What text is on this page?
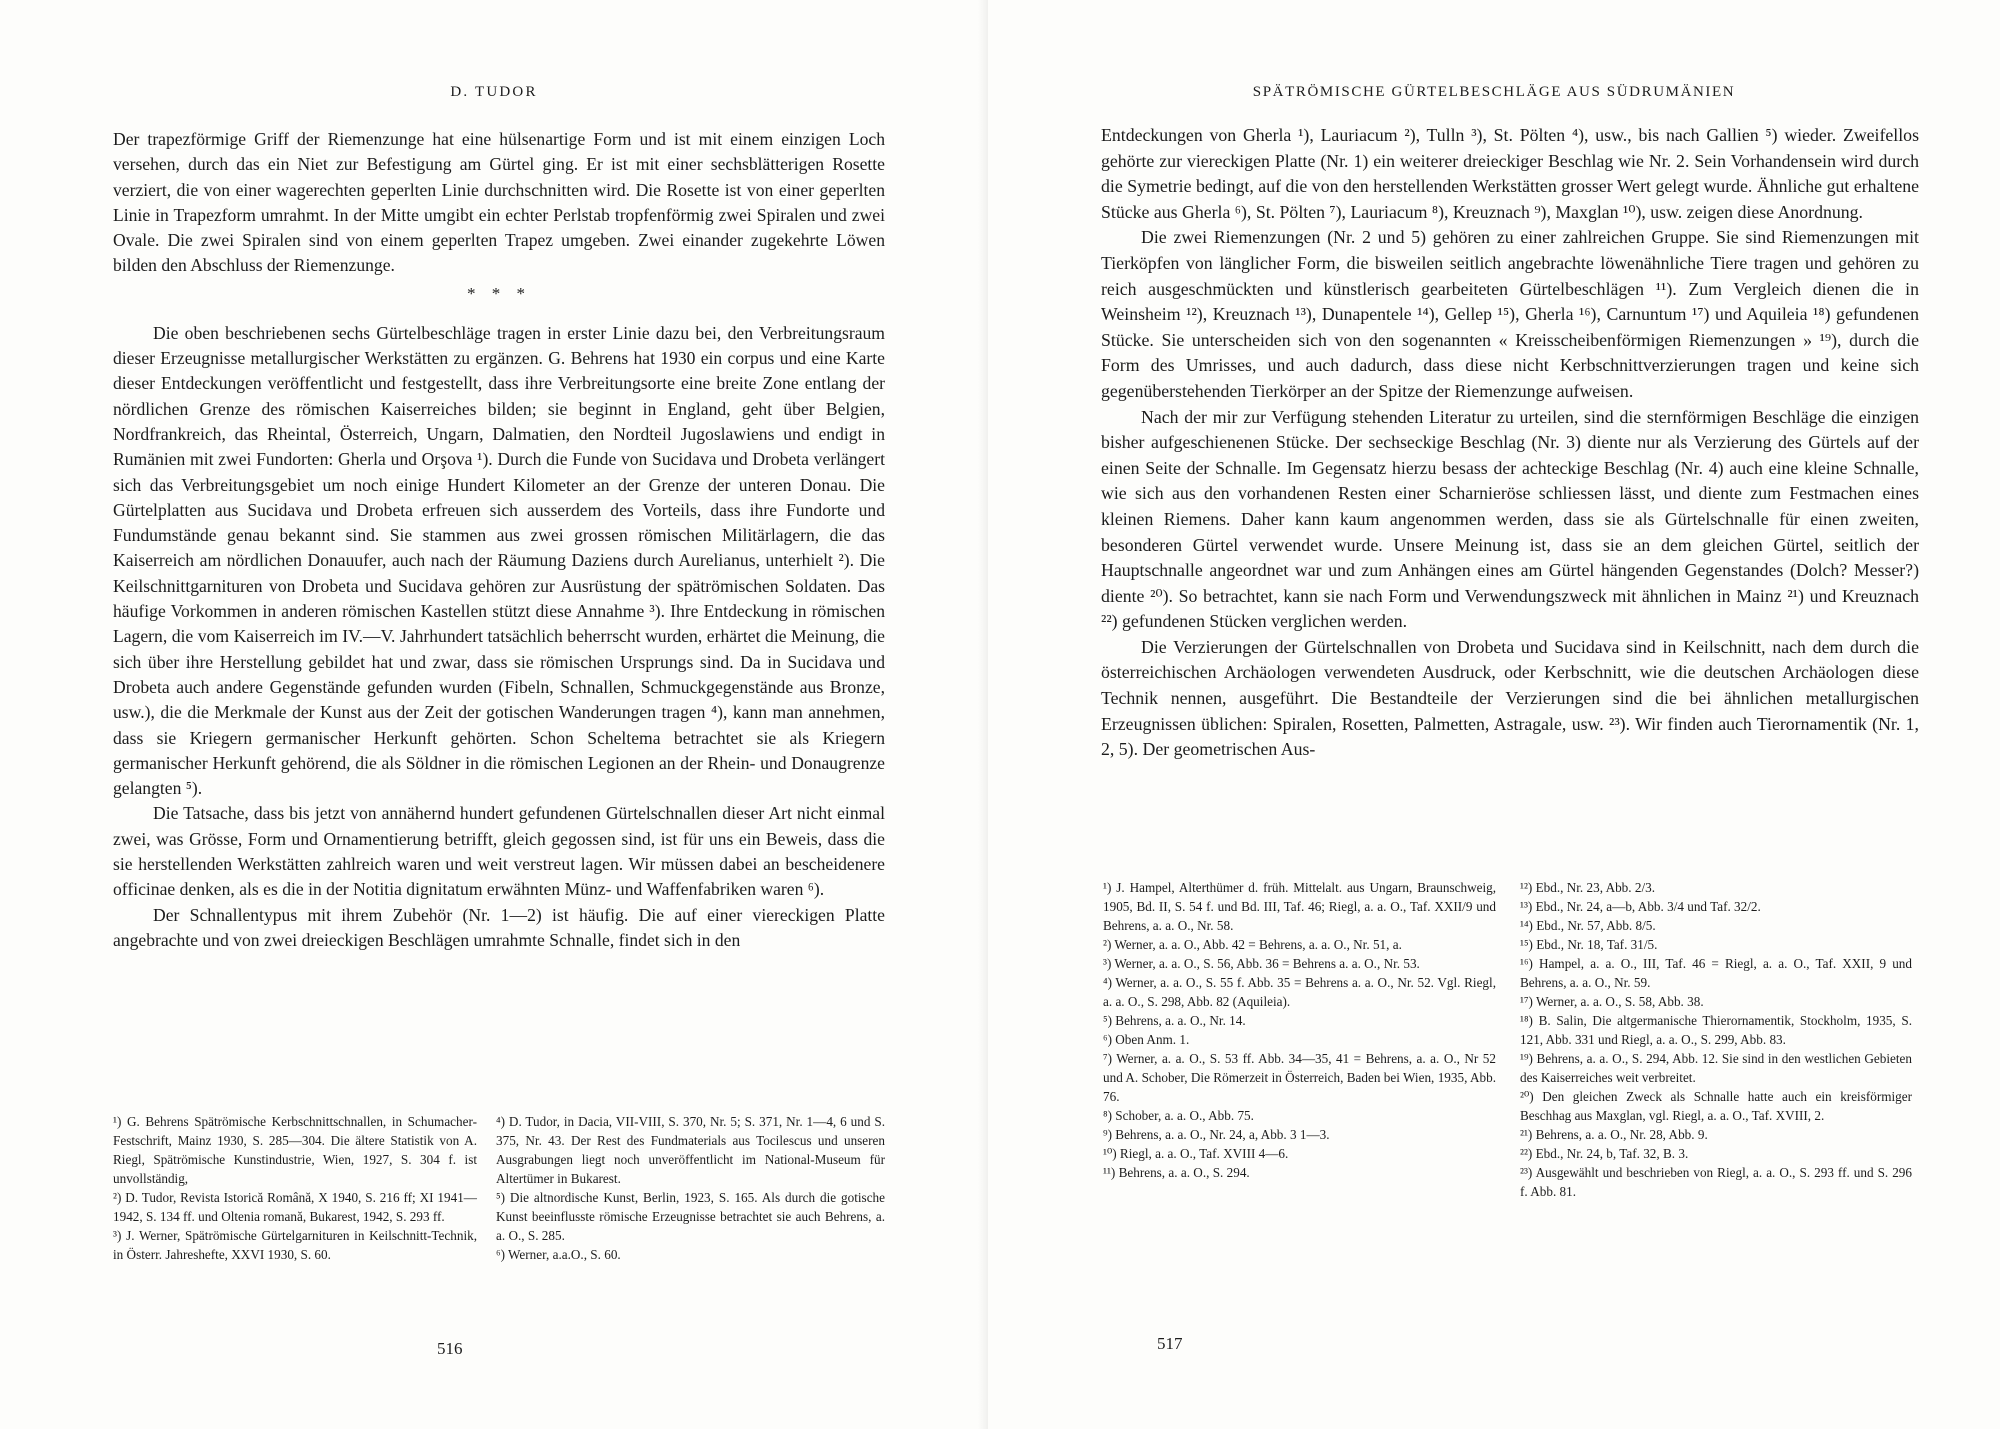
D. TUDOR

Der trapezförmige Griff der Riemenzunge hat eine hülsenartige Form und ist mit einem einzigen Loch versehen, durch das ein Niet zur Befestigung am Gürtel ging. Er ist mit einer sechsblätterigen Rosette verziert, die von einer wagerechten geperlten Linie durchschnitten wird. Die Rosette ist von einer geperlten Linie in Trapezform umrahmt. In der Mitte umgibt ein echter Perlstab tropfenförmig zwei Spiralen und zwei Ovale. Die zwei Spiralen sind von einem geperlten Trapez umgeben. Zwei einander zugekehrte Löwen bilden den Abschluss der Riemenzunge.

* * *

Die oben beschriebenen sechs Gürtelbeschläge tragen in erster Linie dazu bei, den Verbreitungsraum dieser Erzeugnisse metallurgischer Werkstätten zu ergänzen. G. Behrens hat 1930 ein corpus und eine Karte dieser Entdeckungen veröffentlicht und festgestellt, dass ihre Verbreitungsorte eine breite Zone entlang der nördlichen Grenze des römischen Kaiserreiches bilden; sie beginnt in England, geht über Belgien, Nordfrankreich, das Rheintal, Österreich, Ungarn, Dalmatien, den Nordteil Jugoslawiens und endigt in Rumänien mit zwei Fundorten: Gherla und Orşova ¹). Durch die Funde von Sucidava und Drobeta verlängert sich das Verbreitungsgebiet um noch einige Hundert Kilometer an der Grenze der unteren Donau. Die Gürtelplatten aus Sucidava und Drobeta erfreuen sich ausserdem des Vorteils, dass ihre Fundorte und Fundumstände genau bekannt sind. Sie stammen aus zwei grossen römischen Militärlagern, die das Kaiserreich am nördlichen Donauufer, auch nach der Räumung Daziens durch Aurelianus, unterhielt ²). Die Keilschnittgarnituren von Drobeta und Sucidava gehören zur Ausrüstung der spätrömischen Soldaten. Das häufige Vorkommen in anderen römischen Kastellen stützt diese Annahme ³). Ihre Entdeckung in römischen Lagern, die vom Kaiserreich im IV.—V. Jahrhundert tatsächlich beherrscht wurden, erhärtet die Meinung, die sich über ihre Herstellung gebildet hat und zwar, dass sie römischen Ursprungs sind. Da in Sucidava und Drobeta auch andere Gegenstände gefunden wurden (Fibeln, Schnallen, Schmuckgegenstände aus Bronze, usw.), die die Merkmale der Kunst aus der Zeit der gotischen Wanderungen tragen ⁴), kann man annehmen, dass sie Kriegern germanischer Herkunft gehörten. Schon Scheltema betrachtet sie als Kriegern germanischer Herkunft gehörend, die als Söldner in die römischen Legionen an der Rhein- und Donaugrenze gelangten ⁵).

Die Tatsache, dass bis jetzt von annähernd hundert gefundenen Gürtelschnallen dieser Art nicht einmal zwei, was Grösse, Form und Ornamentierung betrifft, gleich gegossen sind, ist für uns ein Beweis, dass die sie herstellenden Werkstätten zahlreich waren und weit verstreut lagen. Wir müssen dabei an bescheidenere officinae denken, als es die in der Notitia dignitatum erwähnten Münz- und Waffenfabriken waren ⁶).

Der Schnallentypus mit ihrem Zubehör (Nr. 1—2) ist häufig. Die auf einer viereckigen Platte angebrachte und von zwei dreieckigen Beschlägen umrahmte Schnalle, findet sich in den

¹) G. Behrens Spätrömische Kerbschnittschnallen, in Schumacher-Festschrift, Mainz 1930, S. 285—304. Die ältere Statistik von A. Riegl, Spätrömische Kunstindustrie, Wien, 1927, S. 304 f. ist unvollständig,

²) D. Tudor, Revista Istorică Română, X 1940, S. 216 ff; XI 1941—1942, S. 134 ff. und Oltenia romană, Bukarest, 1942, S. 293 ff.

³) J. Werner, Spätrömische Gürtelgarnituren in Keilschnitt-Technik, in Österr. Jahreshefte, XXVI 1930, S. 60.

⁴) D. Tudor, in Dacia, VII-VIII, S. 370, Nr. 5; S. 371, Nr. 1—4, 6 und S. 375, Nr. 43. Der Rest des Fundmaterials aus Tocilescus und unseren Ausgrabungen liegt noch unveröffentlicht im National-Museum für Altertümer in Bukarest.

⁵) Die altnordische Kunst, Berlin, 1923, S. 165. Als durch die gotische Kunst beeinflusste römische Erzeugnisse betrachtet sie auch Behrens, a. a. O., S. 285.

⁶) Werner, a.a.O., S. 60.

516
SPÄTRÖMISCHE GÜRTELBESCHLÄGE AUS SÜDRUMÄNIEN

Entdeckungen von Gherla ¹), Lauriacum ²), Tulln ³), St. Pölten ⁴), usw., bis nach Gallien ⁵) wieder. Zweifellos gehörte zur viereckigen Platte (Nr. 1) ein weiterer dreieckiger Beschlag wie Nr. 2. Sein Vorhandensein wird durch die Symetrie bedingt, auf die von den herstellenden Werkstätten grosser Wert gelegt wurde. Ähnliche gut erhaltene Stücke aus Gherla ⁶), St. Pölten ⁷), Lauriacum ⁸), Kreuznach ⁹), Maxglan ¹⁰), usw. zeigen diese Anordnung.

Die zwei Riemenzungen (Nr. 2 und 5) gehören zu einer zahlreichen Gruppe. Sie sind Riemenzungen mit Tierköpfen von länglicher Form, die bisweilen seitlich angebrachte löwenähnliche Tiere tragen und gehören zu reich ausgeschmückten und künstlerisch gearbeiteten Gürtelbeschlägen ¹¹). Zum Vergleich dienen die in Weinsheim ¹²), Kreuznach ¹³), Dunapentele ¹⁴), Gellep ¹⁵), Gherla ¹⁶), Carnuntum ¹⁷) und Aquileia ¹⁸) gefundenen Stücke. Sie unterscheiden sich von den sogenannten « Kreisscheibenförmigen Riemenzungen » ¹⁹), durch die Form des Umrisses, und auch dadurch, dass diese nicht Kerbschnittverzierungen tragen und keine sich gegenüberstehenden Tierkörper an der Spitze der Riemenzunge aufweisen.

Nach der mir zur Verfügung stehenden Literatur zu urteilen, sind die sternförmigen Beschläge die einzigen bisher aufgeschienenen Stücke. Der sechseckige Beschlag (Nr. 3) diente nur als Verzierung des Gürtels auf der einen Seite der Schnalle. Im Gegensatz hierzu besass der achteckige Beschlag (Nr. 4) auch eine kleine Schnalle, wie sich aus den vorhandenen Resten einer Scharnieröse schliessen lässt, und diente zum Festmachen eines kleinen Riemens. Daher kann kaum angenommen werden, dass sie als Gürtelschnalle für einen zweiten, besonderen Gürtel verwendet wurde. Unsere Meinung ist, dass sie an dem gleichen Gürtel, seitlich der Hauptschnalle angeordnet war und zum Anhängen eines am Gürtel hängenden Gegenstandes (Dolch? Messer?) diente ²⁰). So betrachtet, kann sie nach Form und Verwendungszweck mit ähnlichen in Mainz ²¹) und Kreuznach ²²) gefundenen Stücken verglichen werden.

Die Verzierungen der Gürtelschnallen von Drobeta und Sucidava sind in Keilschnitt, nach dem durch die österreichischen Archäologen verwendeten Ausdruck, oder Kerbschnitt, wie die deutschen Archäologen diese Technik nennen, ausgeführt. Die Bestandteile der Verzierungen sind die bei ähnlichen metallurgischen Erzeugnissen üblichen: Spiralen, Rosetten, Palmetten, Astragale, usw. ²³). Wir finden auch Tierornamentik (Nr. 1, 2, 5). Der geometrischen Aus-

¹) J. Hampel, Alterthümer d. früh. Mittelalt. aus Ungarn, Braunschweig, 1905, Bd. II, S. 54 f. und Bd. III, Taf. 46; Riegl, a. a. O., Taf. XXII/9 und Behrens, a. a. O., Nr. 58.

²) Werner, a. a. O., Abb. 42 = Behrens, a. a. O., Nr. 51, a.

³) Werner, a. a. O., S. 56, Abb. 36 = Behrens a. a. O., Nr. 53.

⁴) Werner, a. a. O., S. 55 f. Abb. 35 = Behrens a. a. O., Nr. 52. Vgl. Riegl, a. a. O., S. 298, Abb. 82 (Aquileia).

⁵) Behrens, a. a. O., Nr. 14.

⁶) Oben Anm. 1.

⁷) Werner, a. a. O., S. 53 ff. Abb. 34—35, 41 = Behrens, a. a. O., Nr 52 und A. Schober, Die Römerzeit in Österreich, Baden bei Wien, 1935, Abb. 76.

⁸) Schober, a. a. O., Abb. 75.

⁹) Behrens, a. a. O., Nr. 24, a, Abb. 3 1—3.

¹⁰) Riegl, a. a. O., Taf. XVIII 4—6.

¹¹) Behrens, a. a. O., S. 294.

¹²) Ebd., Nr. 23, Abb. 2/3.

¹³) Ebd., Nr. 24, a—b, Abb. 3/4 und Taf. 32/2.

¹⁴) Ebd., Nr. 57, Abb. 8/5.

¹⁵) Ebd., Nr. 18, Taf. 31/5.

¹⁶) Hampel, a. a. O., III, Taf. 46 = Riegl, a. a. O., Taf. XXII, 9 und Behrens, a. a. O., Nr. 59.

¹⁷) Werner, a. a. O., S. 58, Abb. 38.

¹⁸) B. Salin, Die altgermanische Thierornamentik, Stockholm, 1935, S. 121, Abb. 331 und Riegl, a. a. O., S. 299, Abb. 83.

¹⁹) Behrens, a. a. O., S. 294, Abb. 12. Sie sind in den westlichen Gebieten des Kaiserreiches weit verbreitet.

²⁰) Den gleichen Zweck als Schnalle hatte auch ein kreisförmiger Beschhag aus Maxglan, vgl. Riegl, a. a. O., Taf. XVIII, 2.

²¹) Behrens, a. a. O., Nr. 28, Abb. 9.

²²) Ebd., Nr. 24, b, Taf. 32, B. 3.

²³) Ausgewählt und beschrieben von Riegl, a. a. O., S. 293 ff. und S. 296 f. Abb. 81.

517
